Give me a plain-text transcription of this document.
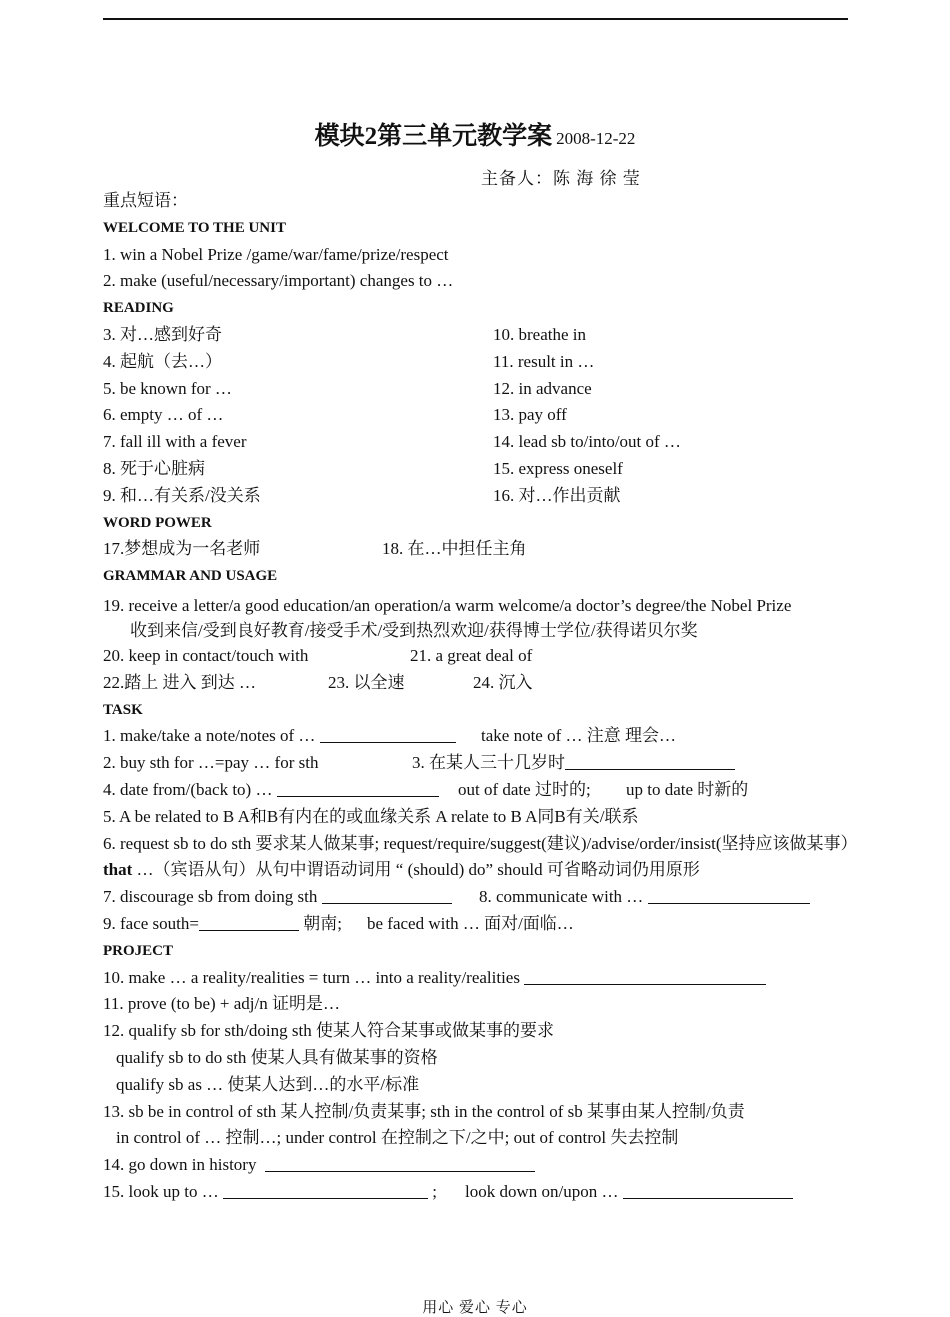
模块2第三单元教学案 2008-12-22
主备人：陈 海 徐 莹
重点短语：
WELCOME TO THE UNIT
1. win a Nobel Prize /game/war/fame/prize/respect
2. make (useful/necessary/important) changes to …
READING
3. 对…感到好奇	10. breathe in
4. 起航（去…）	11. result in …
5. be known for …	12. in advance
6. empty … of …	13. pay off
7. fall ill with a fever	14. lead sb to/into/out of …
8. 死于心脏病	15. express oneself
9. 和…有关系/没关系	16. 对…作出贡献
WORD POWER
17.梦想成为一名老师	18. 在…中担任主角
GRAMMAR AND USAGE
19. receive a letter/a good education/an operation/a warm welcome/a doctor’s degree/the Nobel Prize
收到来信/受到良好教育/接受手术/受到热烈欢迎/获得博士学位/获得诺贝尔奖
20. keep in contact/touch with	21. a great deal of
22.踏上 进入 到达 …	23. 以全速	24. 沉入
TASK
1. make/take a note/notes of …	take note of … 注意 理会…
2. buy sth for …=pay … for sth	3. 在某人三十几岁时
4. date from/(back to) …	out of date 过时的; up to date 时新的
5. A be related to B A和B有内在的或血缘关系 A relate to B A同B有关/联系
6. request sb to do sth 要求某人做某事; request/require/suggest(建议)/advise/order/insist(坚持应该做某事）that …（宾语从句）从句中谓语动词用 “ (should) do” should 可省略动词仍用原形
7. discourage sb from doing sth	8. communicate with …
9. face south=	朝南; be faced with … 面对/面临…
PROJECT
10. make … a reality/realities = turn … into a reality/realities
11. prove (to be) + adj/n 证明是…
12. qualify sb for sth/doing sth 使某人符合某事或做某事的要求
qualify sb to do sth 使某人具有做某事的资格
qualify sb as … 使某人达到…的水平/标准
13. sb be in control of sth 某人控制/负责某事; sth in the control of sb 某事由某人控制/负责
in control of … 控制…; under control 在控制之下/之中; out of control 失去控制
14. go down in history
15. look up to …	; look down on/upon …
用心 爱心 专心
